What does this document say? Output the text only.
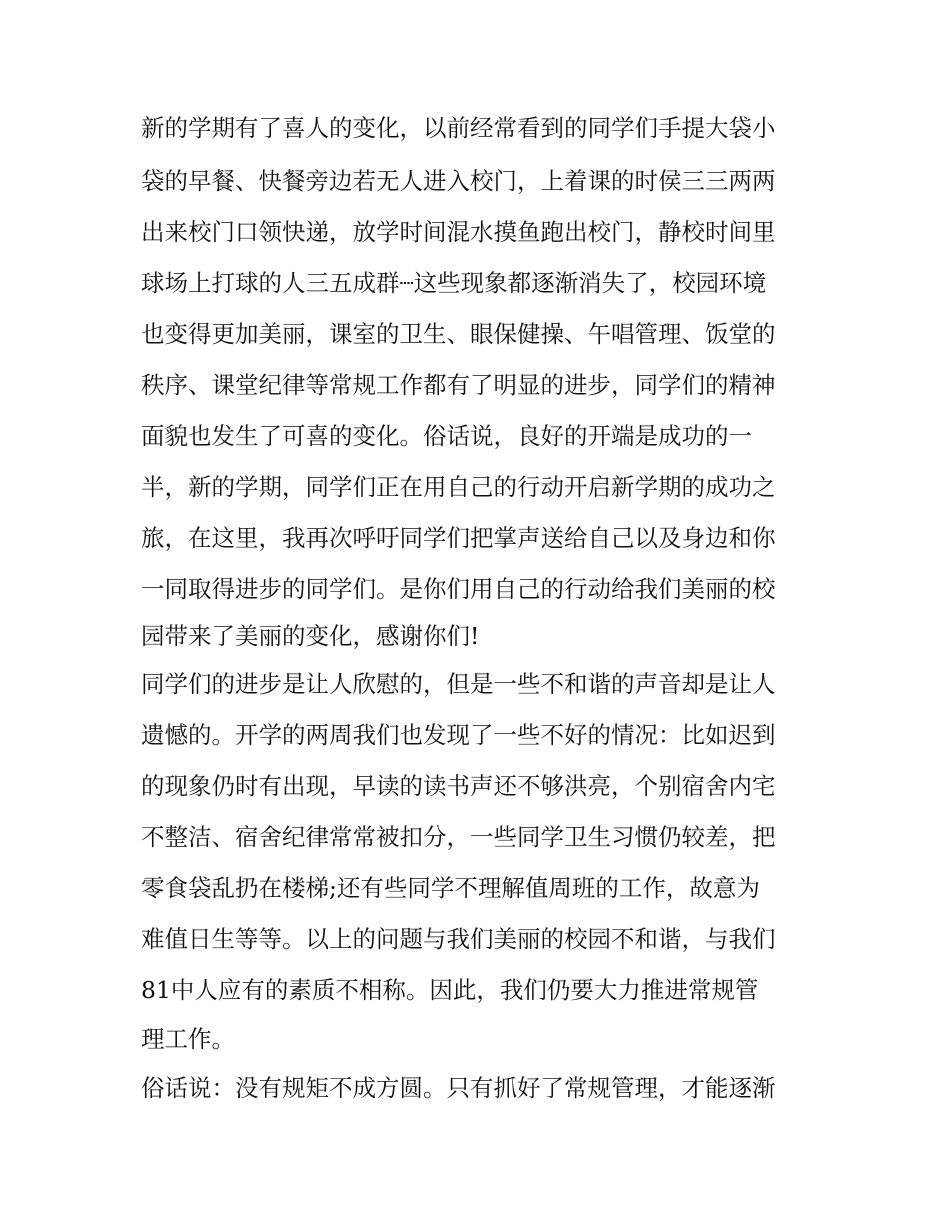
新的学期有了喜人的变化，以前经常看到的同学们手提大袋小
袋的早餐、快餐旁边若无人进入校门，上着课的时侯三三两两
出来校门口领快递，放学时间混水摸鱼跑出校门，静校时间里
球场上打球的人三五成群┈这些现象都逐渐消失了，校园环境
也变得更加美丽，课室的卫生、眼保健操、午唱管理、饭堂的
秩序、课堂纪律等常规工作都有了明显的进步，同学们的精神
面貌也发生了可喜的变化。俗话说，良好的开端是成功的一
半，新的学期，同学们正在用自己的行动开启新学期的成功之
旅，在这里，我再次呼吁同学们把掌声送给自己以及身边和你
一同取得进步的同学们。是你们用自己的行动给我们美丽的校
园带来了美丽的变化，感谢你们!
同学们的进步是让人欣慰的，但是一些不和谐的声音却是让人
遗憾的。开学的两周我们也发现了一些不好的情况：比如迟到
的现象仍时有出现，早读的读书声还不够洪亮，个别宿舍内宅
不整洁、宿舍纪律常常被扣分，一些同学卫生习惯仍较差，把
零食袋乱扔在楼梯;还有些同学不理解值周班的工作，故意为
难值日生等等。以上的问题与我们美丽的校园不和谐，与我们
81中人应有的素质不相称。因此，我们仍要大力推进常规管
理工作。
俗话说：没有规矩不成方圆。只有抓好了常规管理，才能逐渐
